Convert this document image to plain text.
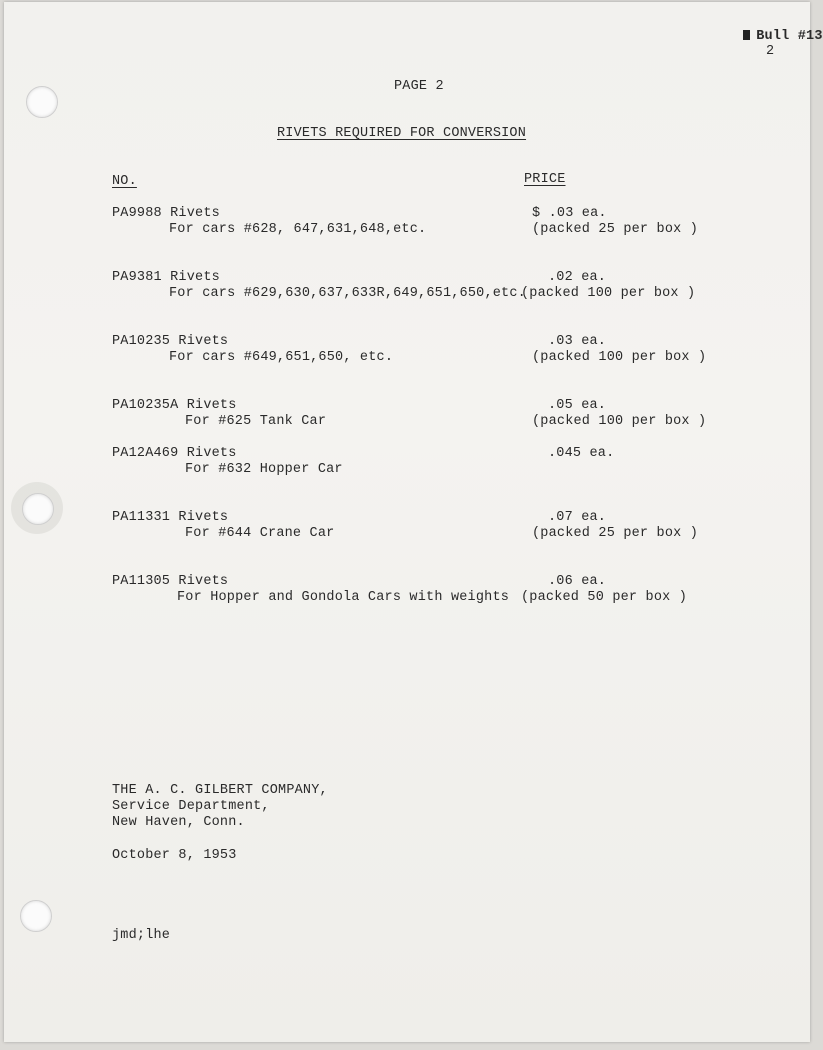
Bull #13

2
PAGE 2
RIVETS REQUIRED FOR CONVERSION
NO.	PRICE
PA9988 Rivets
For cars #628, 647,631,648,etc.
$ .03 ea.
(packed 25 per box )
PA9381 Rivets
For cars #629,630,637,633R,649,651,650,etc.
.02 ea.
(packed 100 per box )
PA10235 Rivets
For cars #649,651,650, etc.
.03 ea.
(packed 100 per box )
PA10235A Rivets
For #625 Tank Car
.05 ea.
(packed 100 per box )
PA12A469 Rivets
For #632 Hopper Car
.045 ea.
PA11331 Rivets
For #644 Crane Car
.07 ea.
(packed 25 per box )
PA11305 Rivets
For Hopper and Gondola Cars with weights
.06 ea.
(packed 50 per box )
THE A. C. GILBERT COMPANY,
Service Department,
New Haven, Conn.
October 8, 1953
jmd;lhe
